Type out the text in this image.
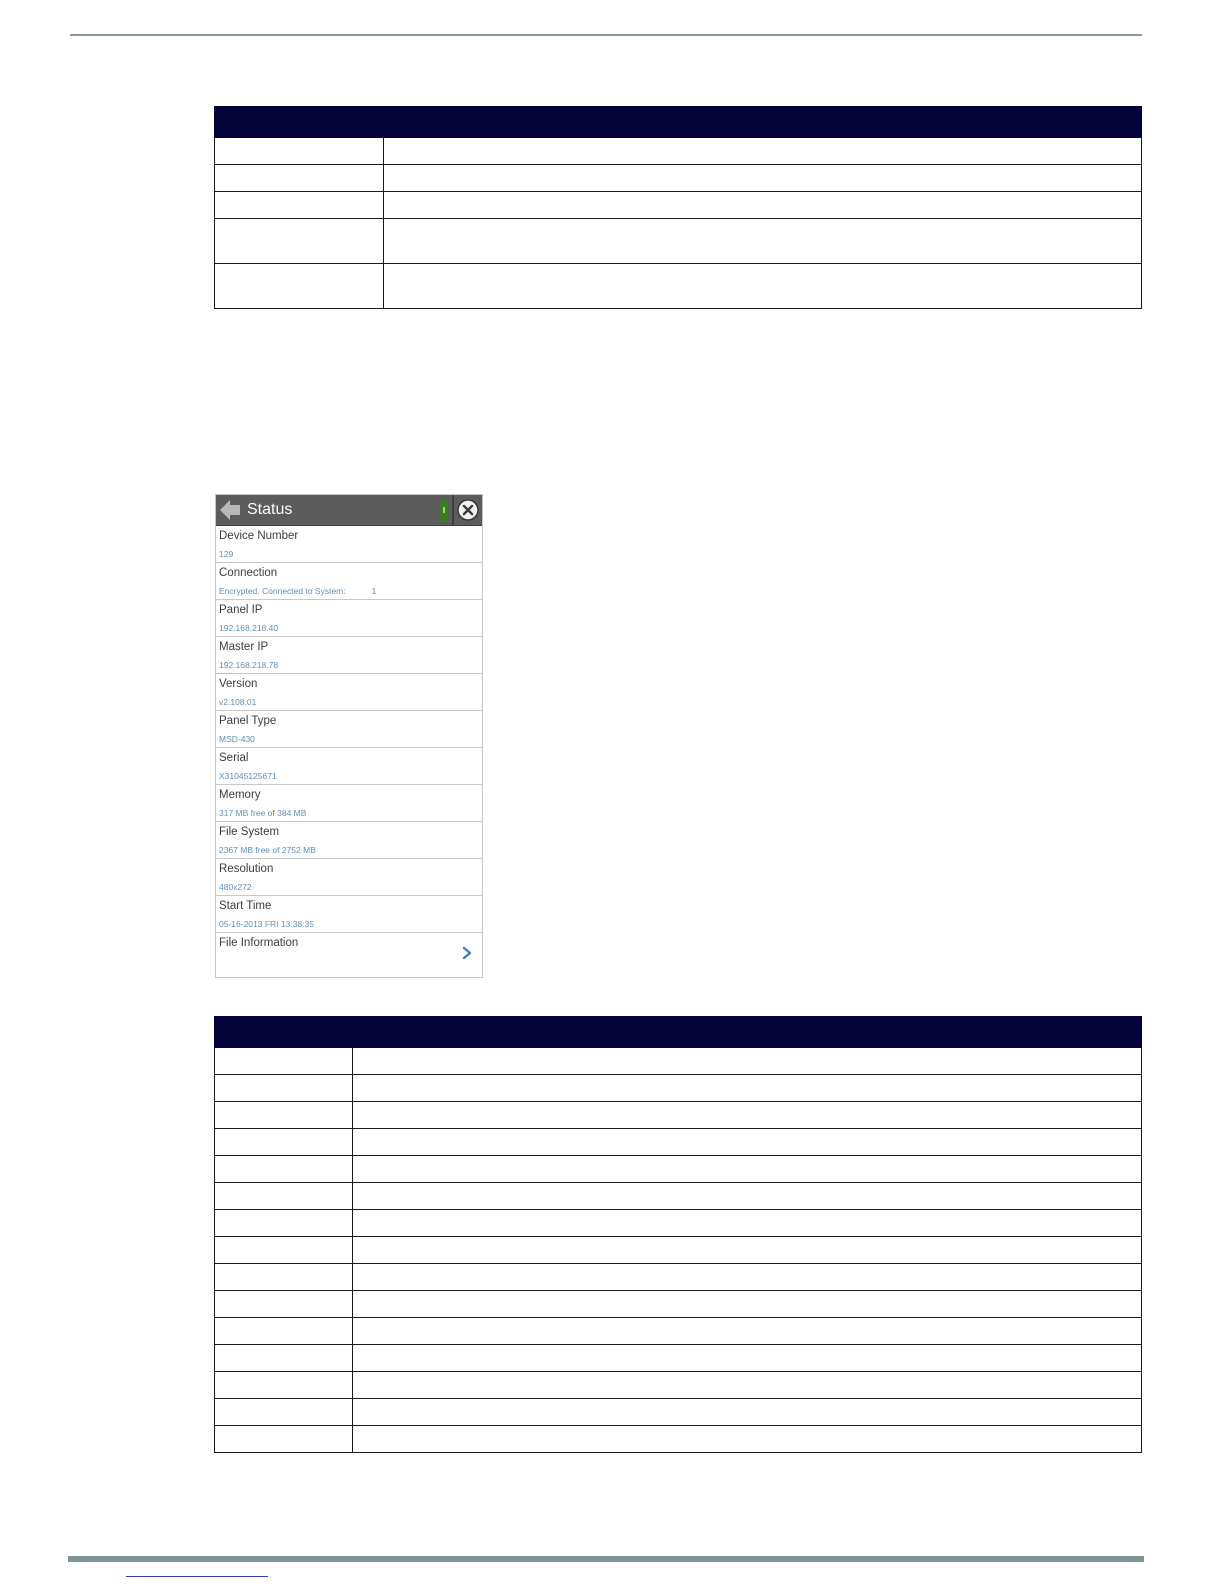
Status
Device Number
129
Connection
Encrypted. Connected to System:	1
Panel IP
192.168.218.40
Master IP
192.168.218.78
Version
v2.108.01
Panel Type
MSD-430
Serial
X31045125671
Memory
317 MB free of 384 MB
File System
2367 MB free of 2752 MB
Resolution
480x272
Start Time
05-16-2013 FRI 13:38:35
File Information
